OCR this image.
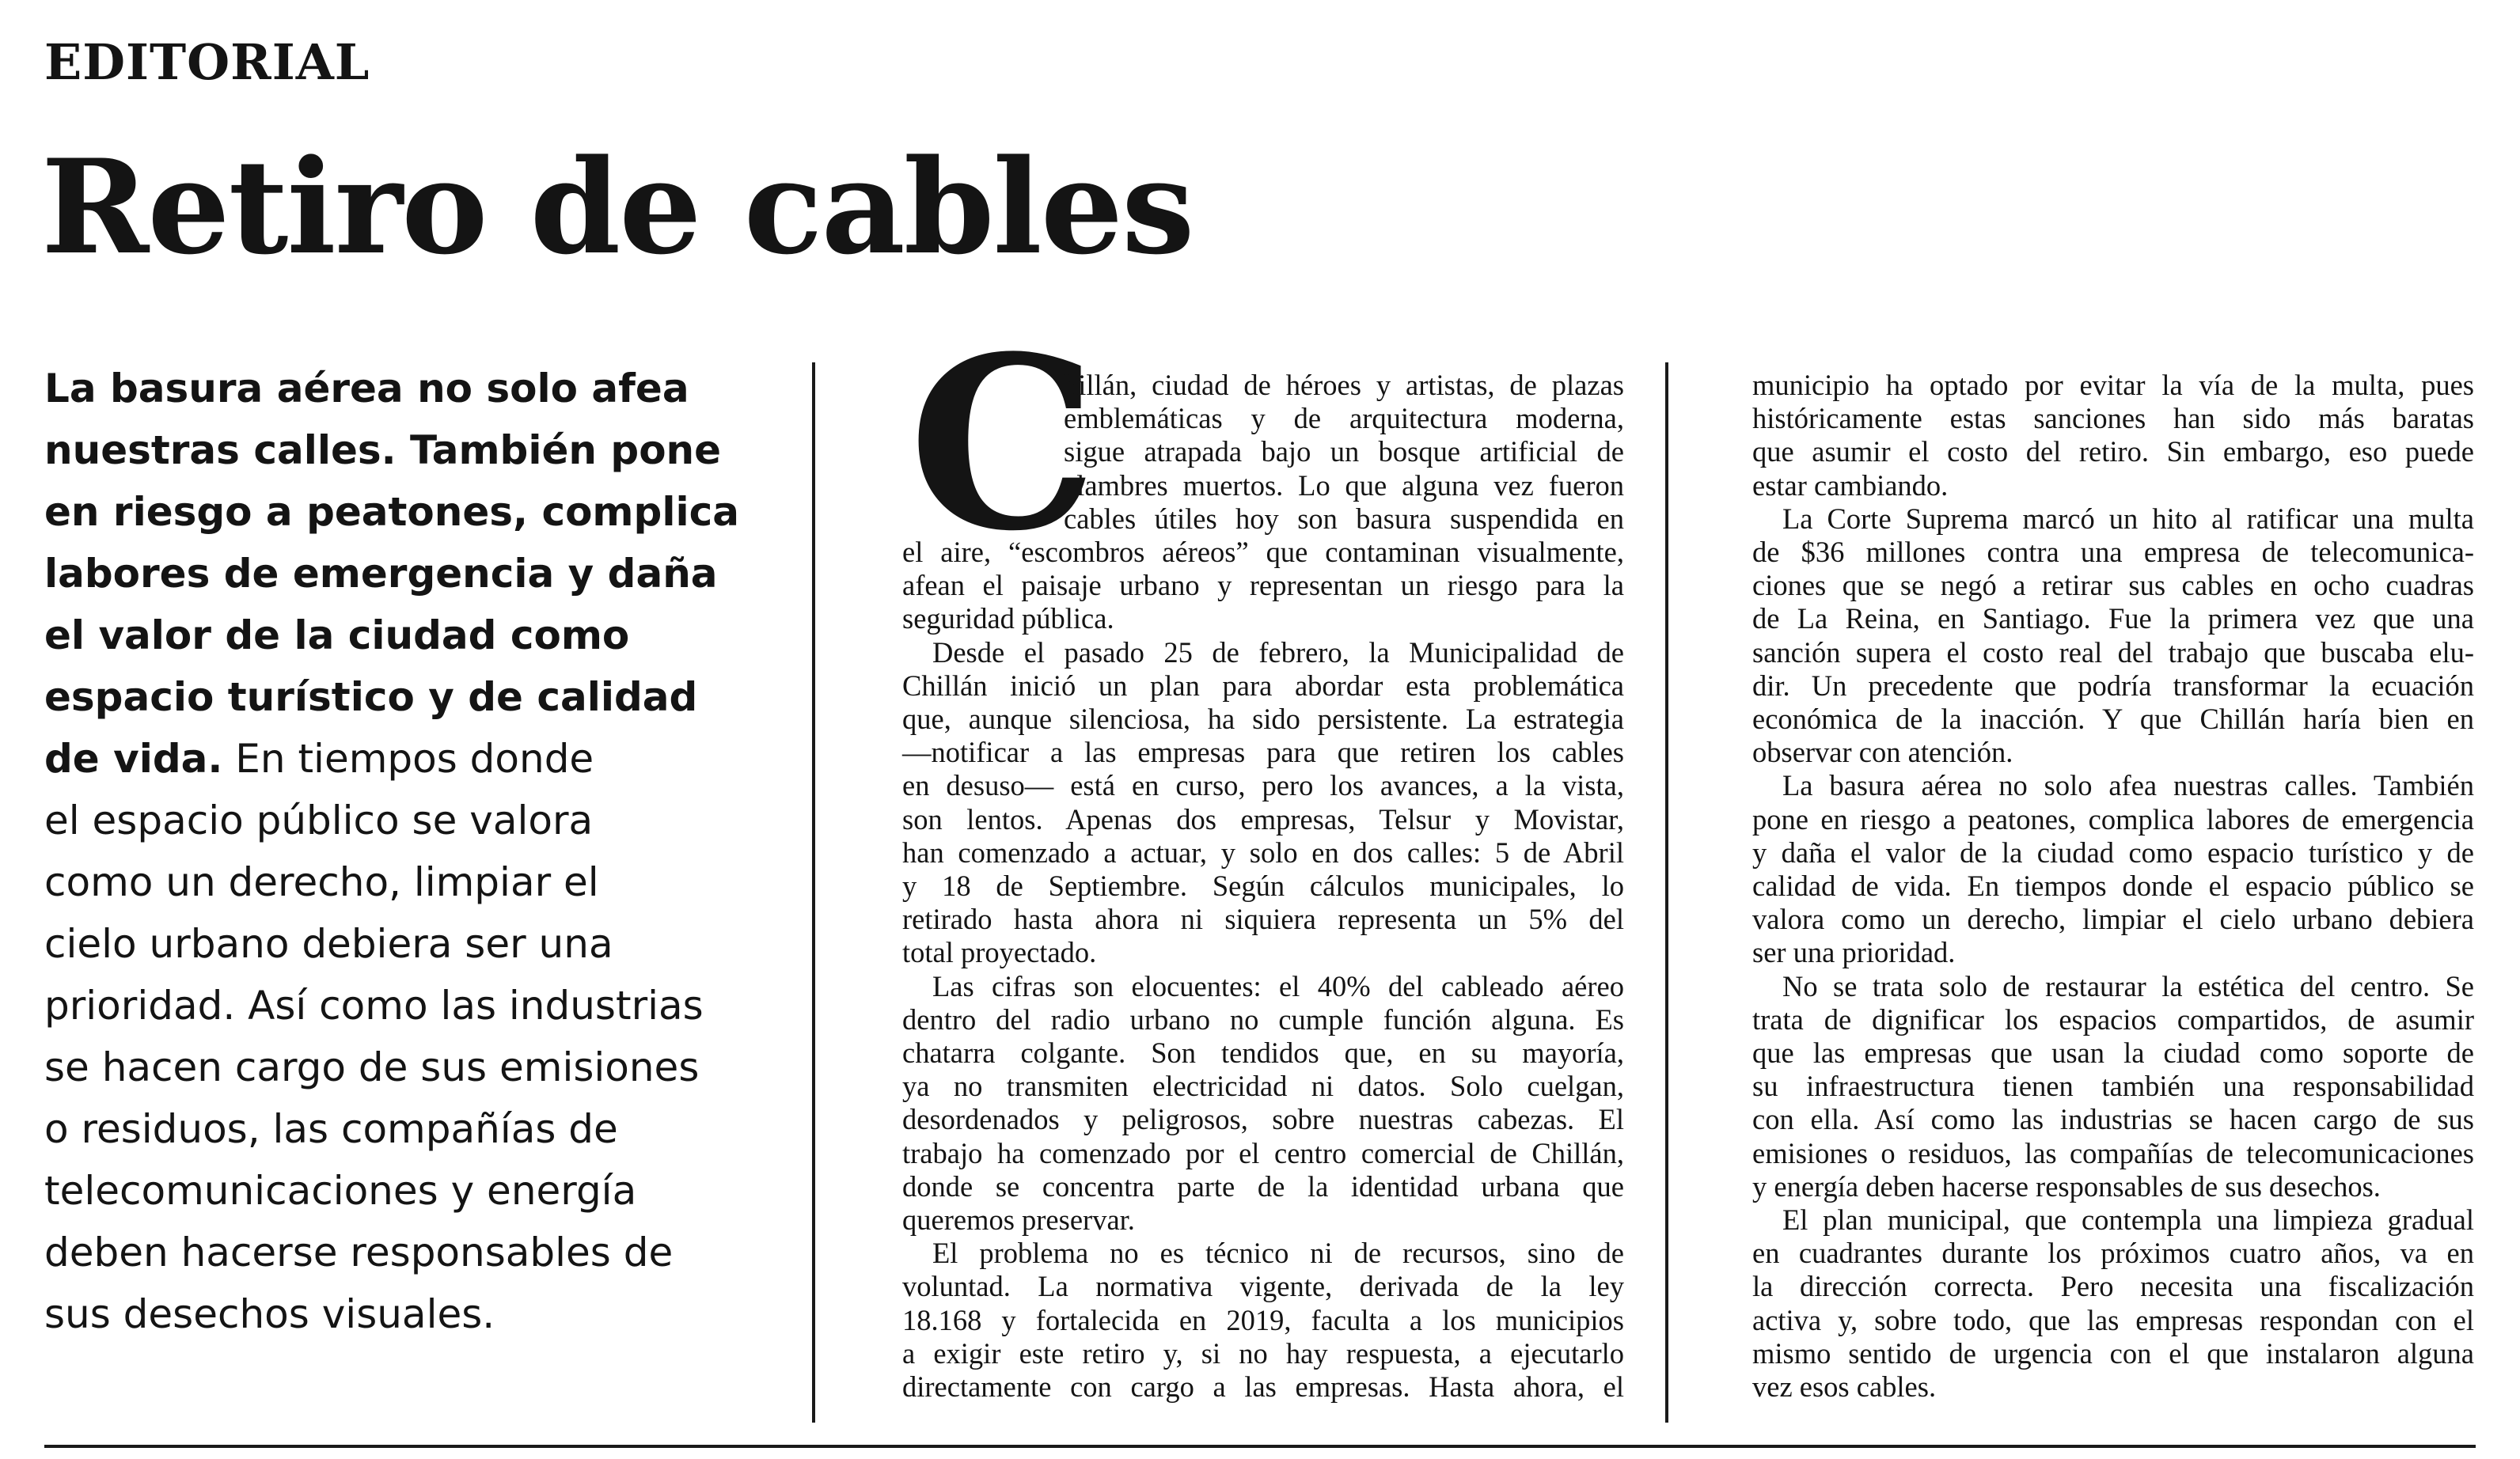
EDITORIAL
Retiro de cables
La basura aérea no solo afea
nuestras calles. También pone
en riesgo a peatones, complica
labores de emergencia y daña
el valor de la ciudad como
espacio turístico y de calidad
de vida. En tiempos donde
el espacio público se valora
como un derecho, limpiar el
cielo urbano debiera ser una
prioridad. Así como las industrias
se hacen cargo de sus emisiones
o residuos, las compañías de
telecomunicaciones y energía
deben hacerse responsables de
sus desechos visuales.
C
hillán, ciudad de héroes y artistas, de plazas
emblemáticas y de arquitectura moderna,
sigue atrapada bajo un bosque artificial de
alambres muertos. Lo que alguna vez fueron
cables útiles hoy son basura suspendida en
el aire, “escombros aéreos” que contaminan visualmente,
afean el paisaje urbano y representan un riesgo para la
seguridad pública.
Desde el pasado 25 de febrero, la Municipalidad de
Chillán inició un plan para abordar esta problemática
que, aunque silenciosa, ha sido persistente. La estrategia
—notificar a las empresas para que retiren los cables
en desuso— está en curso, pero los avances, a la vista,
son lentos. Apenas dos empresas, Telsur y Movistar,
han comenzado a actuar, y solo en dos calles: 5 de Abril
y 18 de Septiembre. Según cálculos municipales, lo
retirado hasta ahora ni siquiera representa un 5% del
total proyectado.
Las cifras son elocuentes: el 40% del cableado aéreo
dentro del radio urbano no cumple función alguna. Es
chatarra colgante. Son tendidos que, en su mayoría,
ya no transmiten electricidad ni datos. Solo cuelgan,
desordenados y peligrosos, sobre nuestras cabezas. El
trabajo ha comenzado por el centro comercial de Chillán,
donde se concentra parte de la identidad urbana que
queremos preservar.
El problema no es técnico ni de recursos, sino de
voluntad. La normativa vigente, derivada de la ley
18.168 y fortalecida en 2019, faculta a los municipios
a exigir este retiro y, si no hay respuesta, a ejecutarlo
directamente con cargo a las empresas. Hasta ahora, el
municipio ha optado por evitar la vía de la multa, pues
históricamente estas sanciones han sido más baratas
que asumir el costo del retiro. Sin embargo, eso puede
estar cambiando.
La Corte Suprema marcó un hito al ratificar una multa
de $36 millones contra una empresa de telecomunica-
ciones que se negó a retirar sus cables en ocho cuadras
de La Reina, en Santiago. Fue la primera vez que una
sanción supera el costo real del trabajo que buscaba elu-
dir. Un precedente que podría transformar la ecuación
económica de la inacción. Y que Chillán haría bien en
observar con atención.
La basura aérea no solo afea nuestras calles. También
pone en riesgo a peatones, complica labores de emergencia
y daña el valor de la ciudad como espacio turístico y de
calidad de vida. En tiempos donde el espacio público se
valora como un derecho, limpiar el cielo urbano debiera
ser una prioridad.
No se trata solo de restaurar la estética del centro. Se
trata de dignificar los espacios compartidos, de asumir
que las empresas que usan la ciudad como soporte de
su infraestructura tienen también una responsabilidad
con ella. Así como las industrias se hacen cargo de sus
emisiones o residuos, las compañías de telecomunicaciones
y energía deben hacerse responsables de sus desechos.
El plan municipal, que contempla una limpieza gradual
en cuadrantes durante los próximos cuatro años, va en
la dirección correcta. Pero necesita una fiscalización
activa y, sobre todo, que las empresas respondan con el
mismo sentido de urgencia con el que instalaron alguna
vez esos cables.
